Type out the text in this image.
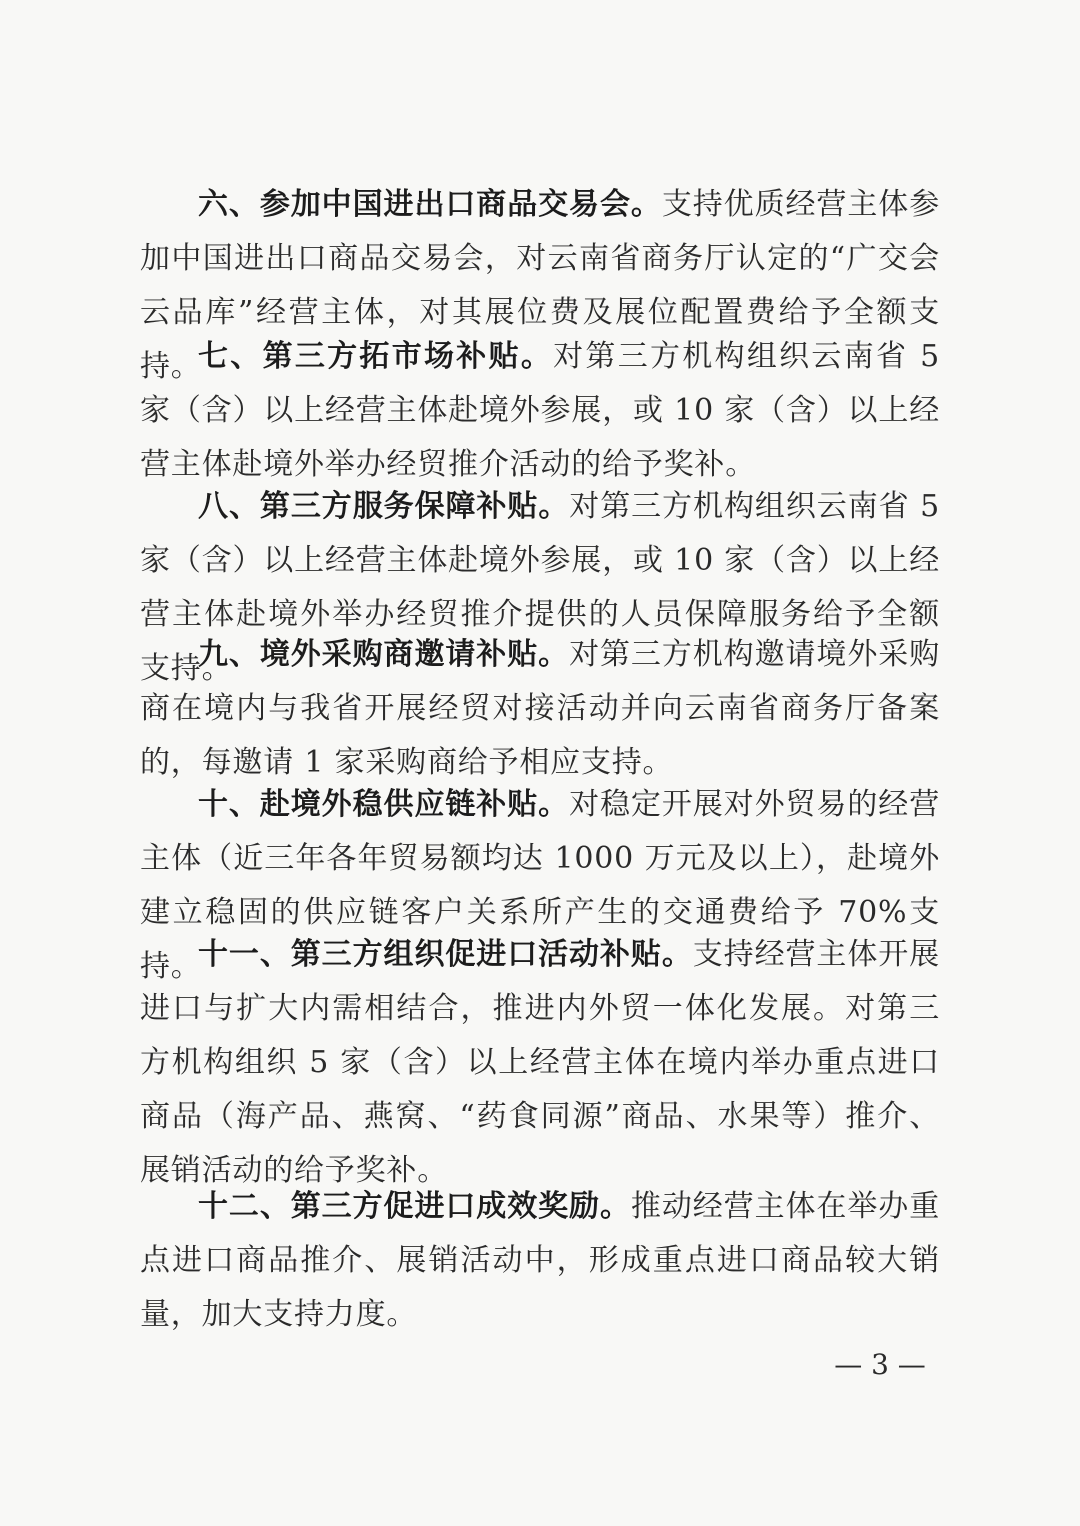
六、参加中国进出口商品交易会。支持优质经营主体参加中国进出口商品交易会，对云南省商务厅认定的“广交会云品库”经营主体，对其展位费及展位配置费给予全额支持。

七、第三方拓市场补贴。对第三方机构组织云南省 5 家（含）以上经营主体赴境外参展，或 10 家（含）以上经营主体赴境外举办经贸推介活动的给予奖补。

八、第三方服务保障补贴。对第三方机构组织云南省 5 家（含）以上经营主体赴境外参展，或 10 家（含）以上经营主体赴境外举办经贸推介提供的人员保障服务给予全额支持。

九、境外采购商邀请补贴。对第三方机构邀请境外采购商在境内与我省开展经贸对接活动并向云南省商务厅备案的，每邀请 1 家采购商给予相应支持。

十、赴境外稳供应链补贴。对稳定开展对外贸易的经营主体（近三年各年贸易额均达 1000 万元及以上），赴境外建立稳固的供应链客户关系所产生的交通费给予 70%支持。

十一、第三方组织促进口活动补贴。支持经营主体开展进口与扩大内需相结合，推进内外贸一体化发展。对第三方机构组织 5 家（含）以上经营主体在境内举办重点进口商品（海产品、燕窝、“药食同源”商品、水果等）推介、展销活动的给予奖补。

十二、第三方促进口成效奖励。推动经营主体在举办重点进口商品推介、展销活动中，形成重点进口商品较大销量，加大支持力度。

— 3 —
